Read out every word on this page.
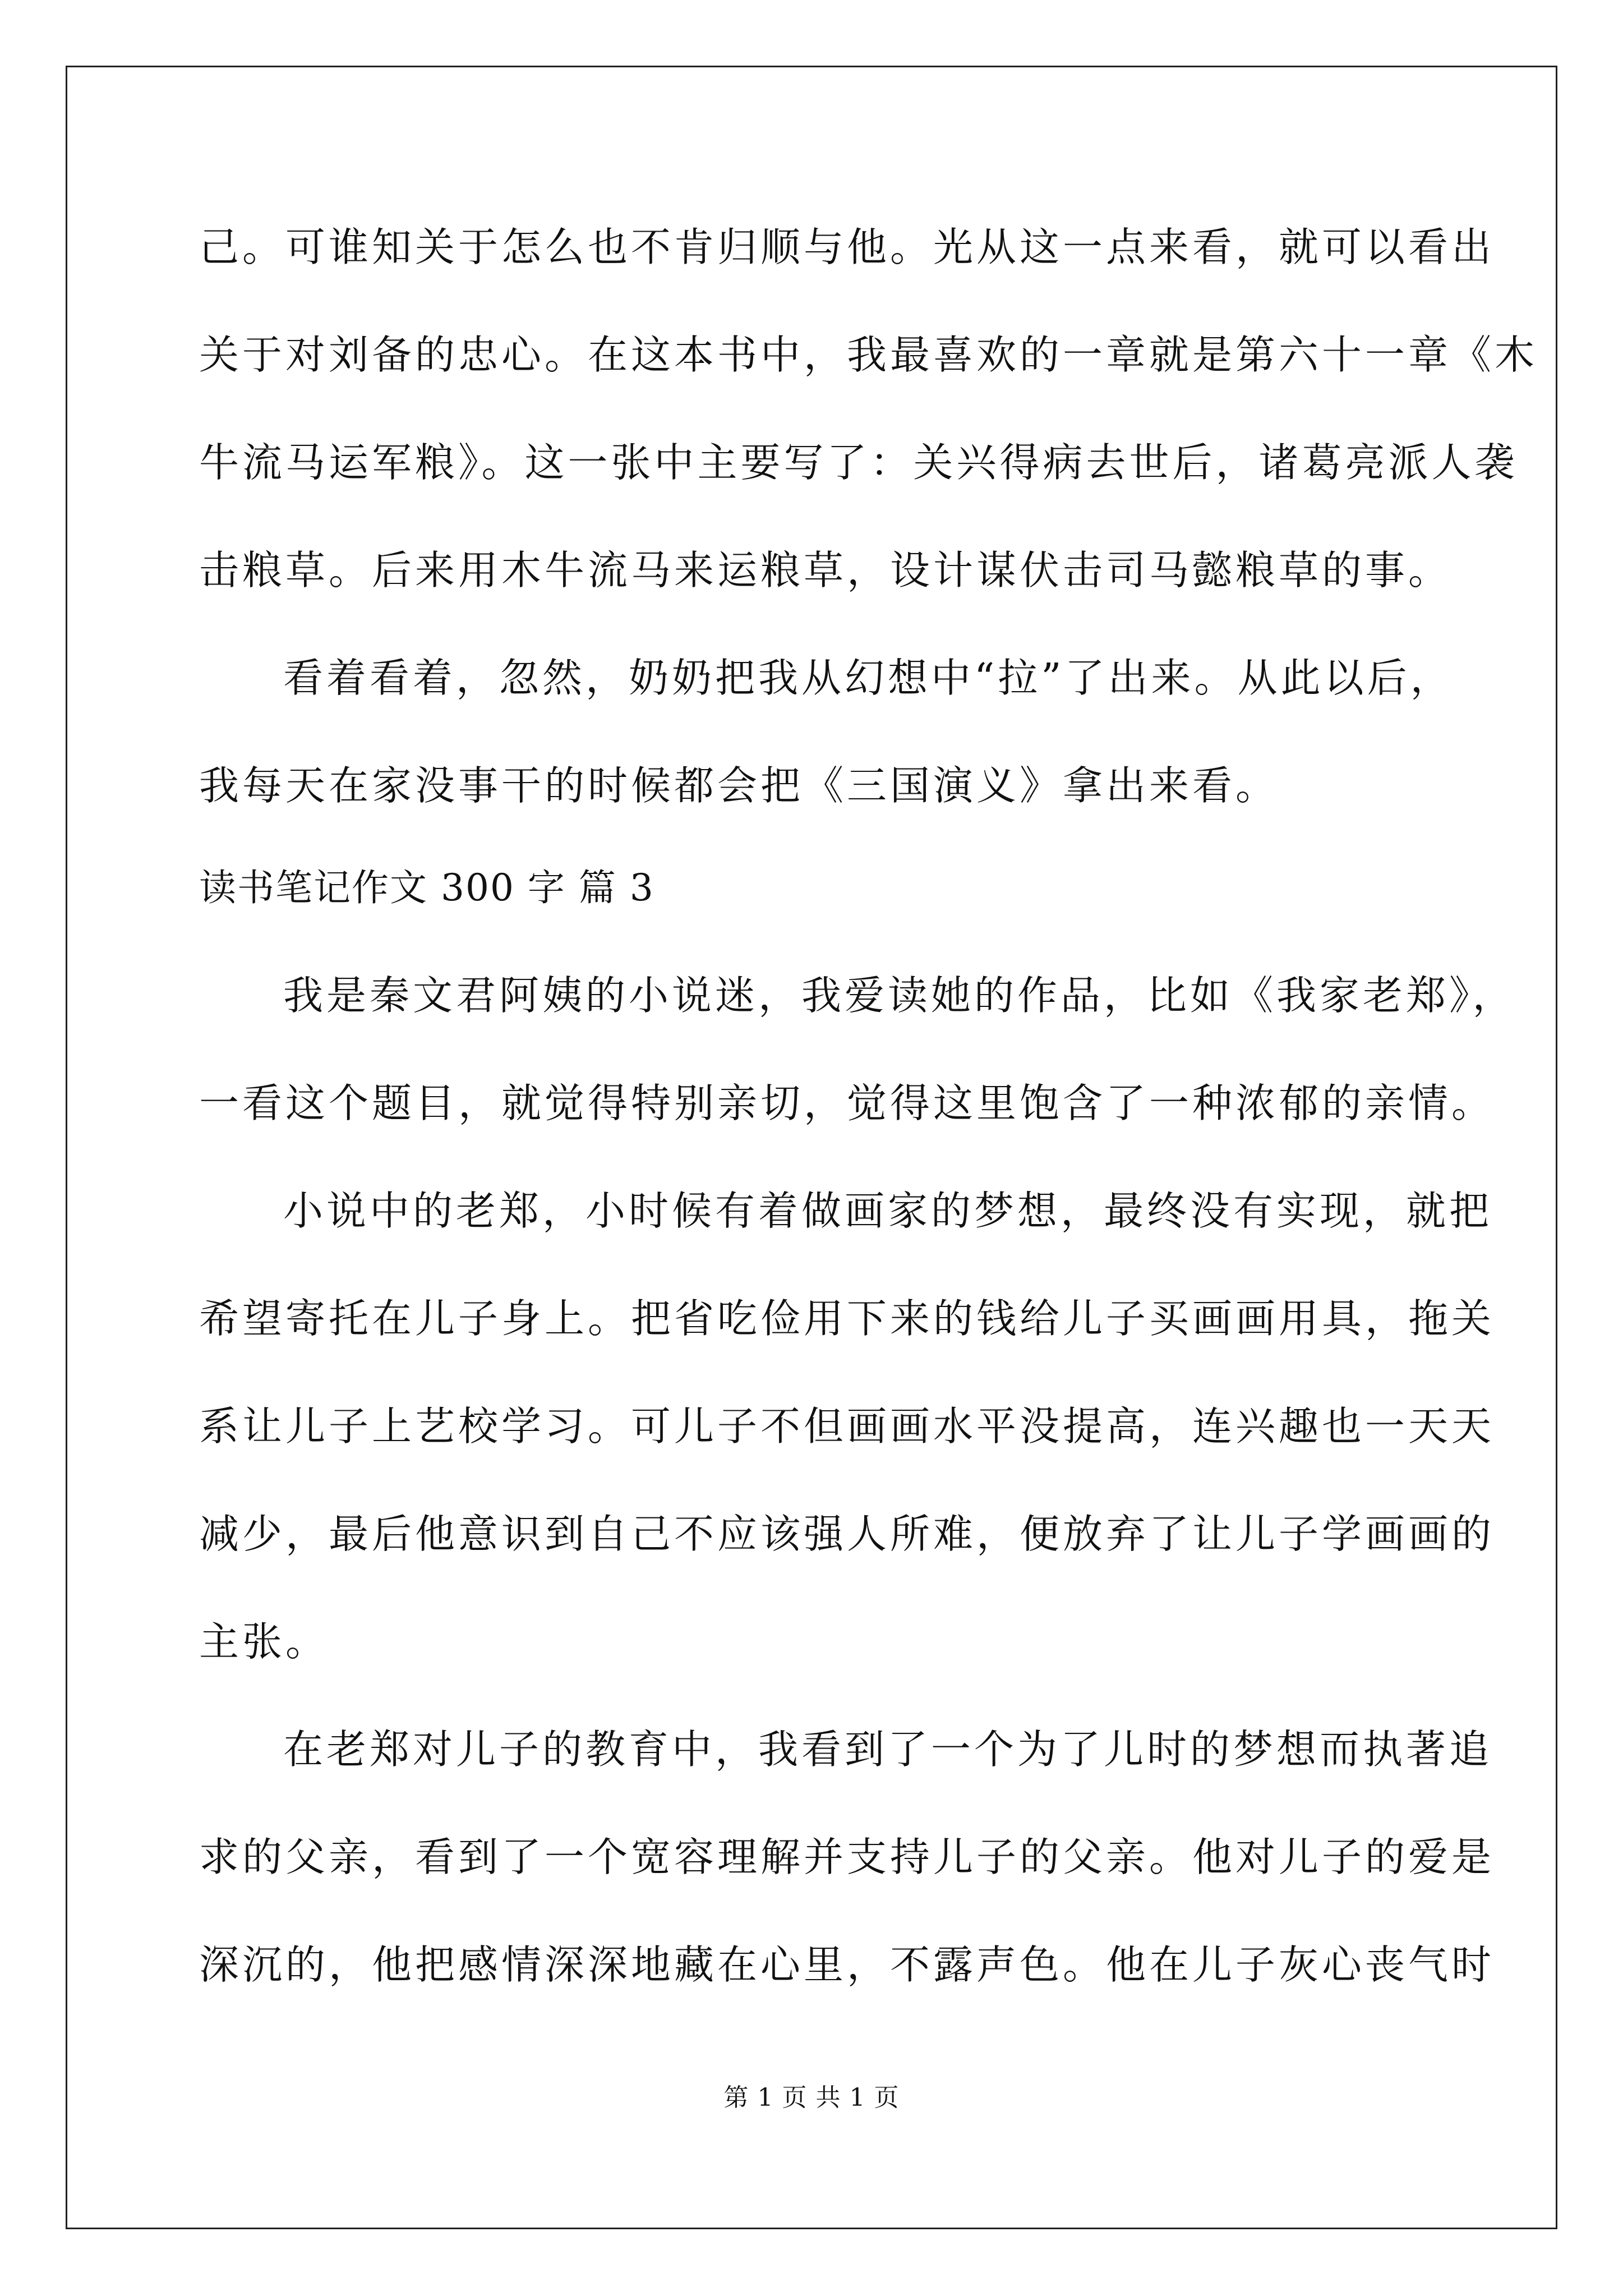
己。可谁知关于怎么也不肯归顺与他。光从这一点来看，就可以看出
关于对刘备的忠心。在这本书中，我最喜欢的一章就是第六十一章《木
牛流马运军粮》。这一张中主要写了：关兴得病去世后，诸葛亮派人袭
击粮草。后来用木牛流马来运粮草，设计谋伏击司马懿粮草的事。
看着看着，忽然，奶奶把我从幻想中“拉”了出来。从此以后，
我每天在家没事干的时候都会把《三国演义》拿出来看。
读书笔记作文 300 字 篇 3
我是秦文君阿姨的小说迷，我爱读她的作品，比如《我家老郑》，
一看这个题目，就觉得特别亲切，觉得这里饱含了一种浓郁的亲情。
小说中的老郑，小时候有着做画家的梦想，最终没有实现，就把
希望寄托在儿子身上。把省吃俭用下来的钱给儿子买画画用具，拖关
系让儿子上艺校学习。可儿子不但画画水平没提高，连兴趣也一天天
减少，最后他意识到自己不应该强人所难，便放弃了让儿子学画画的
主张。
在老郑对儿子的教育中，我看到了一个为了儿时的梦想而执著追
求的父亲，看到了一个宽容理解并支持儿子的父亲。他对儿子的爱是
深沉的，他把感情深深地藏在心里，不露声色。他在儿子灰心丧气时
第 1 页 共 1 页
